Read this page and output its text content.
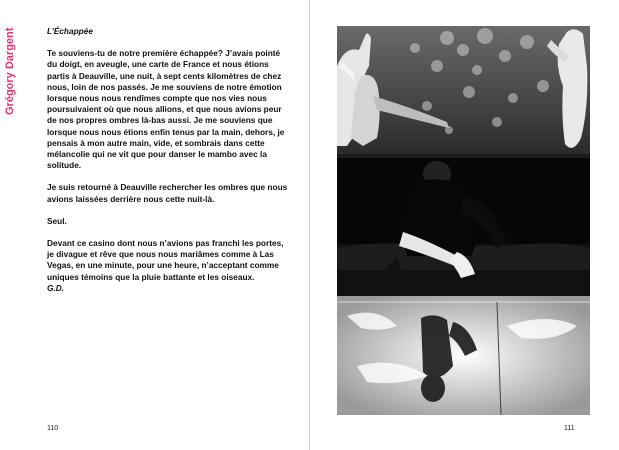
Grégory Dargent	L’Échappée

Te souviens-tu de notre première échappée? J’avais pointé du doigt, en aveugle, une carte de France et nous étions partis à Deauville, une nuit, à sept cents kilomètres de chez nous, loin de nos passés. Je me souviens de notre émotion lorsque nous nous rendîmes compte que nos vies nous poursuivaient où que nous allions, et que nous avions peur de nos propres ombres là-bas aussi. Je me souviens que lorsque nous nous étions enfin tenus par la main, dehors, je pensais à mon autre main, vide, et sombrais dans cette mélancolie qui ne vit que pour danser le mambo avec la solitude.

Je suis retourné à Deauville rechercher les ombres que nous avions laissées derrière nous cette nuit-là.

Seul.

Devant ce casino dont nous n’avions pas franchi les portes, je divague et rêve que nous nous mariâmes comme à Las Vegas, en une minute, pour une heure, n’acceptant comme uniques témoins que la pluie battante et les oiseaux.

G.D.

110	111
